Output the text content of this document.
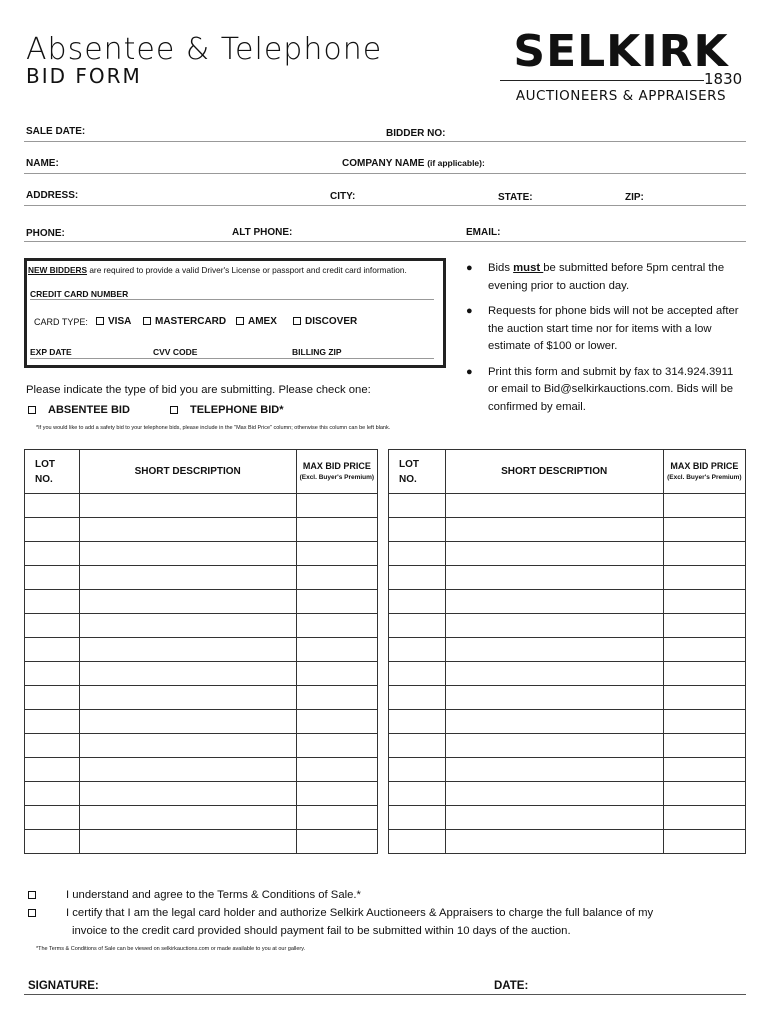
Absentee & Telephone
BID FORM	SELKIRK
1830
AUCTIONEERS & APPRAISERS
SALE DATE:	BIDDER NO:
NAME:	COMPANY NAME (if applicable):
ADDRESS:	CITY:	STATE:	ZIP:
PHONE:	ALT PHONE:	EMAIL:
NEW BIDDERS are required to provide a valid Driver's License or passport and credit card information.
CREDIT CARD NUMBER
CARD TYPE:	VISA	MASTERCARD	AMEX	DISCOVER
EXP DATE	CVV CODE	BILLING ZIP
● Bids must be submitted before 5pm central the evening prior to auction day.
● Requests for phone bids will not be accepted after the auction start time nor for items with a low estimate of $100 or lower.
● Print this form and submit by fax to 314.924.3911 or email to Bid@selkirkauctions.com. Bids will be confirmed by email.
Please indicate the type of bid you are submitting. Please check one:
ABSENTEE BID	TELEPHONE BID*
*If you would like to add a safety bid to your telephone bids, please include in the "Max Bid Price" column; otherwise this column can be left blank.
LOT
NO.	SHORT DESCRIPTION	MAX BID PRICE
(Excl. Buyer's Premium)

LOT
NO.	SHORT DESCRIPTION	MAX BID PRICE
(Excl. Buyer's Premium)

I understand and agree to the Terms & Conditions of Sale.*
I certify that I am the legal card holder and authorize Selkirk Auctioneers & Appraisers to charge the full balance of my
invoice to the credit card provided should payment fail to be submitted within 10 days of the auction.
*The Terms & Conditions of Sale can be viewed on selkirkauctions.com or made available to you at our gallery.
SIGNATURE:	DATE:
